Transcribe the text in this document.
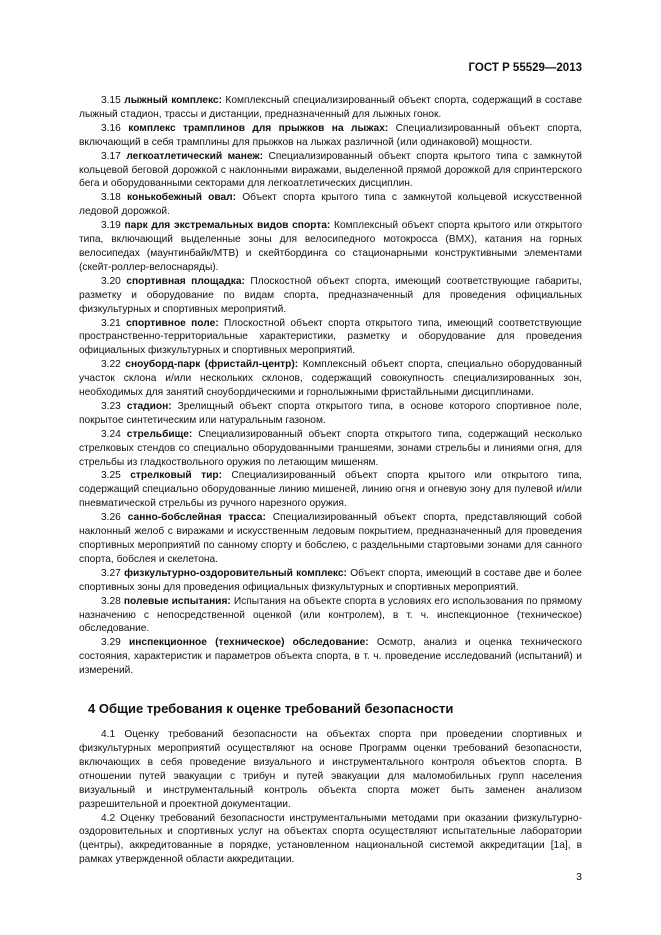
ГОСТ Р 55529—2013

3.15 лыжный комплекс: Комплексный специализированный объект спорта, содержащий в составе лыжный стадион, трассы и дистанции, предназначенный для лыжных гонок.

3.16 комплекс трамплинов для прыжков на лыжах: Специализированный объект спорта, включающий в себя трамплины для прыжков на лыжах различной (или одинаковой) мощности.

3.17 легкоатлетический манеж: Специализированный объект спорта крытого типа с замкнутой кольцевой беговой дорожкой с наклонными виражами, выделенной прямой дорожкой для спринтерского бега и оборудованными секторами для легкоатлетических дисциплин.

3.18 конькобежный овал: Объект спорта крытого типа с замкнутой кольцевой искусственной ледовой дорожкой.

3.19 парк для экстремальных видов спорта: Комплексный объект спорта крытого или открытого типа, включающий выделенные зоны для велосипедного мотокросса (BMX), катания на горных велосипедах (маунтинбайк/МТВ) и скейтбординга со стационарными конструктивными элементами (скейт-роллер-велоснаряды).

3.20 спортивная площадка: Плоскостной объект спорта, имеющий соответствующие габариты, разметку и оборудование по видам спорта, предназначенный для проведения официальных физкультурных и спортивных мероприятий.

3.21 спортивное поле: Плоскостной объект спорта открытого типа, имеющий соответствующие пространственно-территориальные характеристики, разметку и оборудование для проведения официальных физкультурных и спортивных мероприятий.

3.22 сноуборд-парк (фристайл-центр): Комплексный объект спорта, специально оборудованный участок склона и/или нескольких склонов, содержащий совокупность специализированных зон, необходимых для занятий сноубордическими и горнолыжными фристайльными дисциплинами.

3.23 стадион: Зрелищный объект спорта открытого типа, в основе которого спортивное поле, покрытое синтетическим или натуральным газоном.

3.24 стрельбище: Специализированный объект спорта открытого типа, содержащий несколько стрелковых стендов со специально оборудованными траншеями, зонами стрельбы и линиями огня, для стрельбы из гладкоствольного оружия по летающим мишеням.

3.25 стрелковый тир: Специализированный объект спорта крытого или открытого типа, содержащий специально оборудованные линию мишеней, линию огня и огневую зону для пулевой и/или пневматической стрельбы из ручного нарезного оружия.

3.26 санно-бобслейная трасса: Специализированный объект спорта, представляющий собой наклонный желоб с виражами и искусственным ледовым покрытием, предназначенный для проведения спортивных мероприятий по санному спорту и бобслею, с раздельными стартовыми зонами для санного спорта, бобслея и скелетона.

3.27 физкультурно-оздоровительный комплекс: Объект спорта, имеющий в составе две и более спортивных зоны для проведения официальных физкультурных и спортивных мероприятий.

3.28 полевые испытания: Испытания на объекте спорта в условиях его использования по прямому назначению с непосредственной оценкой (или контролем), в т. ч. инспекционное (техническое) обследование.

3.29 инспекционное (техническое) обследование: Осмотр, анализ и оценка технического состояния, характеристик и параметров объекта спорта, в т. ч. проведение исследований (испытаний) и измерений.

4 Общие требования к оценке требований безопасности

4.1 Оценку требований безопасности на объектах спорта при проведении спортивных и физкультурных мероприятий осуществляют на основе Программ оценки требований безопасности, включающих в себя проведение визуального и инструментального контроля объектов спорта. В отношении путей эвакуации с трибун и путей эвакуации для маломобильных групп населения визуальный и инструментальный контроль объекта спорта может быть заменен анализом разрешительной и проектной документации.

4.2 Оценку требований безопасности инструментальными методами при оказании физкультурно-оздоровительных и спортивных услуг на объектах спорта осуществляют испытательные лаборатории (центры), аккредитованные в порядке, установленном национальной системой аккредитации [1а], в рамках утвержденной области аккредитации.

3
